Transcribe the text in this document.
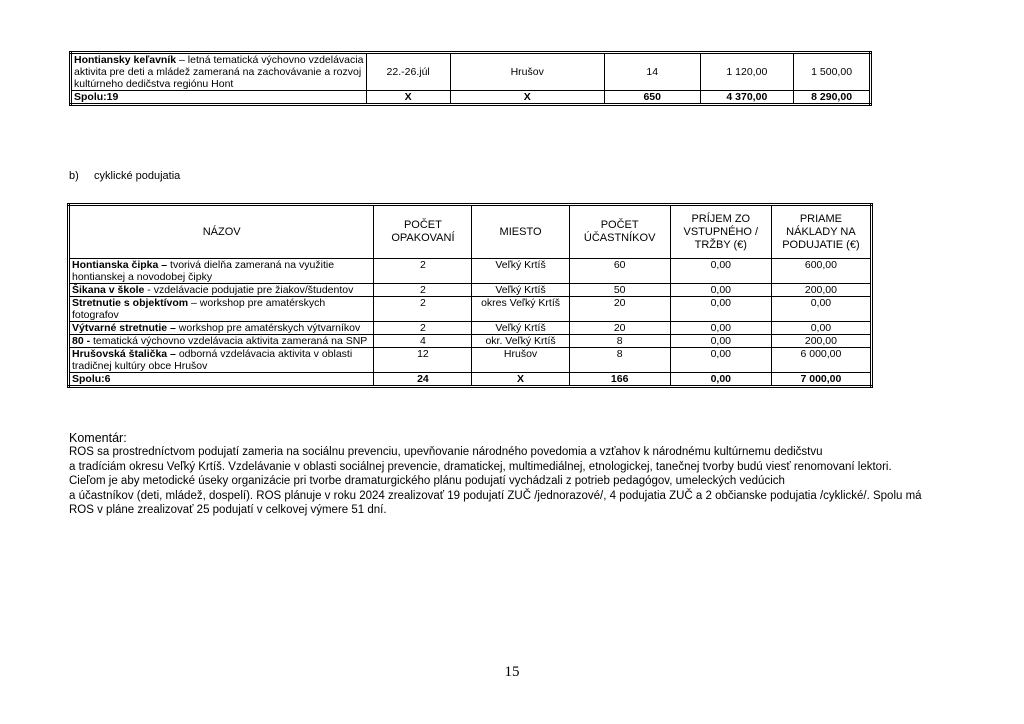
Hontiansky keľavník – letná tematická výchovno vzdelávacia aktivita pre deti a mládež zameraná na zachovávanie a rozvoj kultúrneho dedičstva regiónu Hont	22.-26.júl	Hrušov	14	1 120,00	1 500,00
Spolu:19	X	X	650	4 370,00	8 290,00
b)     cyklické podujatia
NÁZOV	POČET OPAKOVANÍ	MIESTO	POČET ÚČASTNÍKOV	PRÍJEM ZO VSTUPNÉHO / TRŽBY (€)	PRIAME NÁKLADY NA PODUJATIE (€)
Hontianska čipka – tvorivá dielňa zameraná na využitie hontianskej a novodobej čipky	2	Veľký Krtíš	60	0,00	600,00
Šikana v škole - vzdelávacie podujatie pre žiakov/študentov	2	Veľký Krtíš	50	0,00	200,00
Stretnutie s objektívom – workshop pre amatérskych fotografov	2	okres Veľký Krtíš	20	0,00	0,00
Výtvarné stretnutie – workshop pre amatérskych výtvarníkov	2	Veľký Krtíš	20	0,00	0,00
80 - tematická výchovno vzdelávacia aktivita zameraná na SNP	4	okr. Veľký Krtíš	8	0,00	200,00
Hrušovská štalička – odborná vzdelávacia aktivita v oblasti tradičnej kultúry obce Hrušov	12	Hrušov	8	0,00	6 000,00
Spolu:6	24	X	166	0,00	7 000,00
Komentár:
ROS sa prostredníctvom podujatí zameria na sociálnu prevenciu, upevňovanie národného povedomia a vzťahov k národnému kultúrnemu dedičstvu
a tradíciám okresu Veľký Krtíš. Vzdelávanie v oblasti sociálnej prevencie, dramatickej, multimediálnej, etnologickej, tanečnej tvorby budú viesť renomovaní lektori.
Cieľom je aby metodické úseky organizácie pri tvorbe dramaturgického plánu podujatí vychádzali z potrieb pedagógov, umeleckých vedúcich
a účastníkov (deti, mládež, dospelí). ROS plánuje v roku 2024 zrealizovať 19 podujatí ZUČ /jednorazové/, 4 podujatia ZUČ a 2 občianske podujatia /cyklické/. Spolu má
ROS v pláne zrealizovať 25 podujatí v celkovej výmere 51 dní.
15
